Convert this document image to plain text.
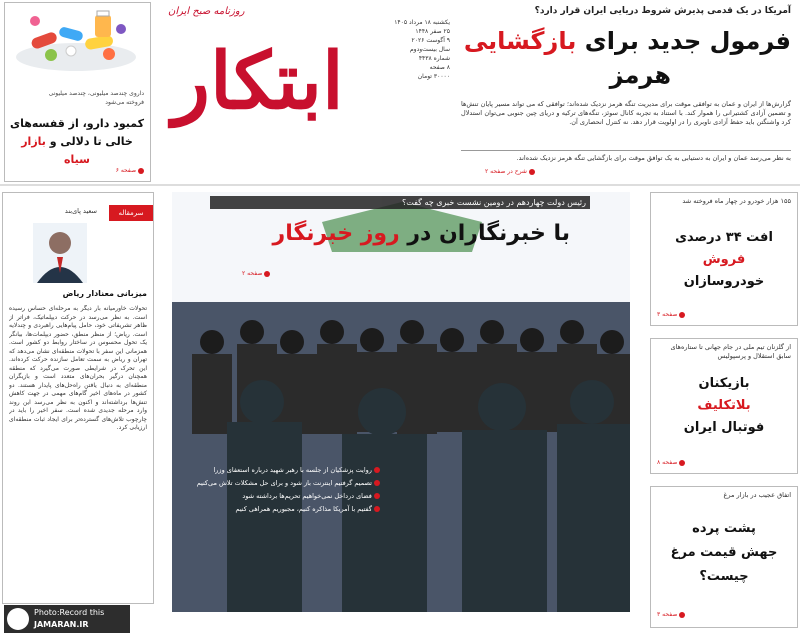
داروی چندصد میلیونی، چندصد میلیونی
فروخته می‌شود
کمبود دارو، از قفسه‌های
خالی تا دلالی و بازار سیاه
صفحه ۶
روزنامه صبح ایران
ابتکار
یکشنبه ۱۸ مرداد ۱۴۰۵
۲۵ صفر ۱۴۴۸
۹ آگوست ۲۰۲۶
سال بیست‌ودوم
شماره ۴۴۳۸
۸ صفحه
۳۰۰۰۰ تومان
آمریکا در یک قدمی پذیرش شروط دریایی ایران قرار دارد؟
فرمول جدید برای بازگشایی
هرمز
گزارش‌ها از ایران و عمان به توافقی موقت برای مدیریت تنگه هرمز نزدیک شده‌اند؛ توافقی که می تواند مسیر پایان تنش‌ها و تضمین آزادی کشتیرانی را هموار کند. با استناد به تجربه کانال سوئز، تنگه‌های ترکیه و دریای چین جنوبی می‌توان استدلال کرد واشنگتن باید حفظ آزادی ناوبری را در اولویت قرار دهد. نه کنترل انحصاری آن.
به نظر می‌رسد عمان و ایران به دستیابی به یک توافق موقت برای بازگشایی تنگه هرمز نزدیک شده‌اند.
شرح در صفحه ۲
سرمقاله
سعید پای‌بند
میزبانی معنادار ریاض
تحولات خاورمیانه بار دیگر به مرحله‌ای حساس رسیده است. به نظر می‌رسد در حرکت دیپلماتیک، فراتر از ظاهر تشریفاتی خود، حامل پیام‌هایی راهبردی و چندلایه است. ریاض؛ از منظر منطق، حضور دیپلمات‌ها، بیانگر یک تحول محسوس در ساختار روابط دو کشور است. همزمانی این سفر با تحولات منطقه‌ای نشان می‌دهد که تهران و ریاض به سمت تعامل سازنده حرکت کرده‌اند. این تحرک در شرایطی صورت می‌گیرد که منطقه همچنان درگیر بحران‌های متعدد است و بازیگران منطقه‌ای به دنبال یافتن راه‌حل‌های پایدار هستند. دو کشور در ماه‌های اخیر گام‌های مهمی در جهت کاهش تنش‌ها برداشته‌اند و اکنون به نظر می‌رسد این روند وارد مرحله جدیدی شده است. سفر اخیر را باید در چارچوب تلاش‌های گسترده‌تر برای ایجاد ثبات منطقه‌ای ارزیابی کرد.
رئیس دولت چهاردهم در دومین نشست خبری چه گفت؟
با خبرنگاران در روز خبرنگار
صفحه ۲
روایت پزشکیان از جلسه با رهبر شهید درباره استعفای وزرا
تصمیم گرفتیم اینترنت باز شود و برای حل مشکلات تلاش می‌کنیم
فضای درداخل نمی‌خواهیم تحریم‌ها برداشته شود
گفتیم با آمریکا مذاکره کنیم، مجبوریم همراهی کنیم
۱۵۵ هزار خودرو در چهار ماه فروخته شد
افت ۳۴ درصدی
فروش
خودروسازان
صفحه ۳
از گلزنان تیم ملی در جام جهانی تا ستاره‌های سابق استقلال و پرسپولیس
بازیکنان
بلاتکلیف
فوتبال ایران
صفحه ۸
اتفاق عجیب در بازار مرغ
پشت پرده
جهش قیمت مرغ
چیست؟
صفحه ۳
Photo:Record this
JAMARAN.IR
